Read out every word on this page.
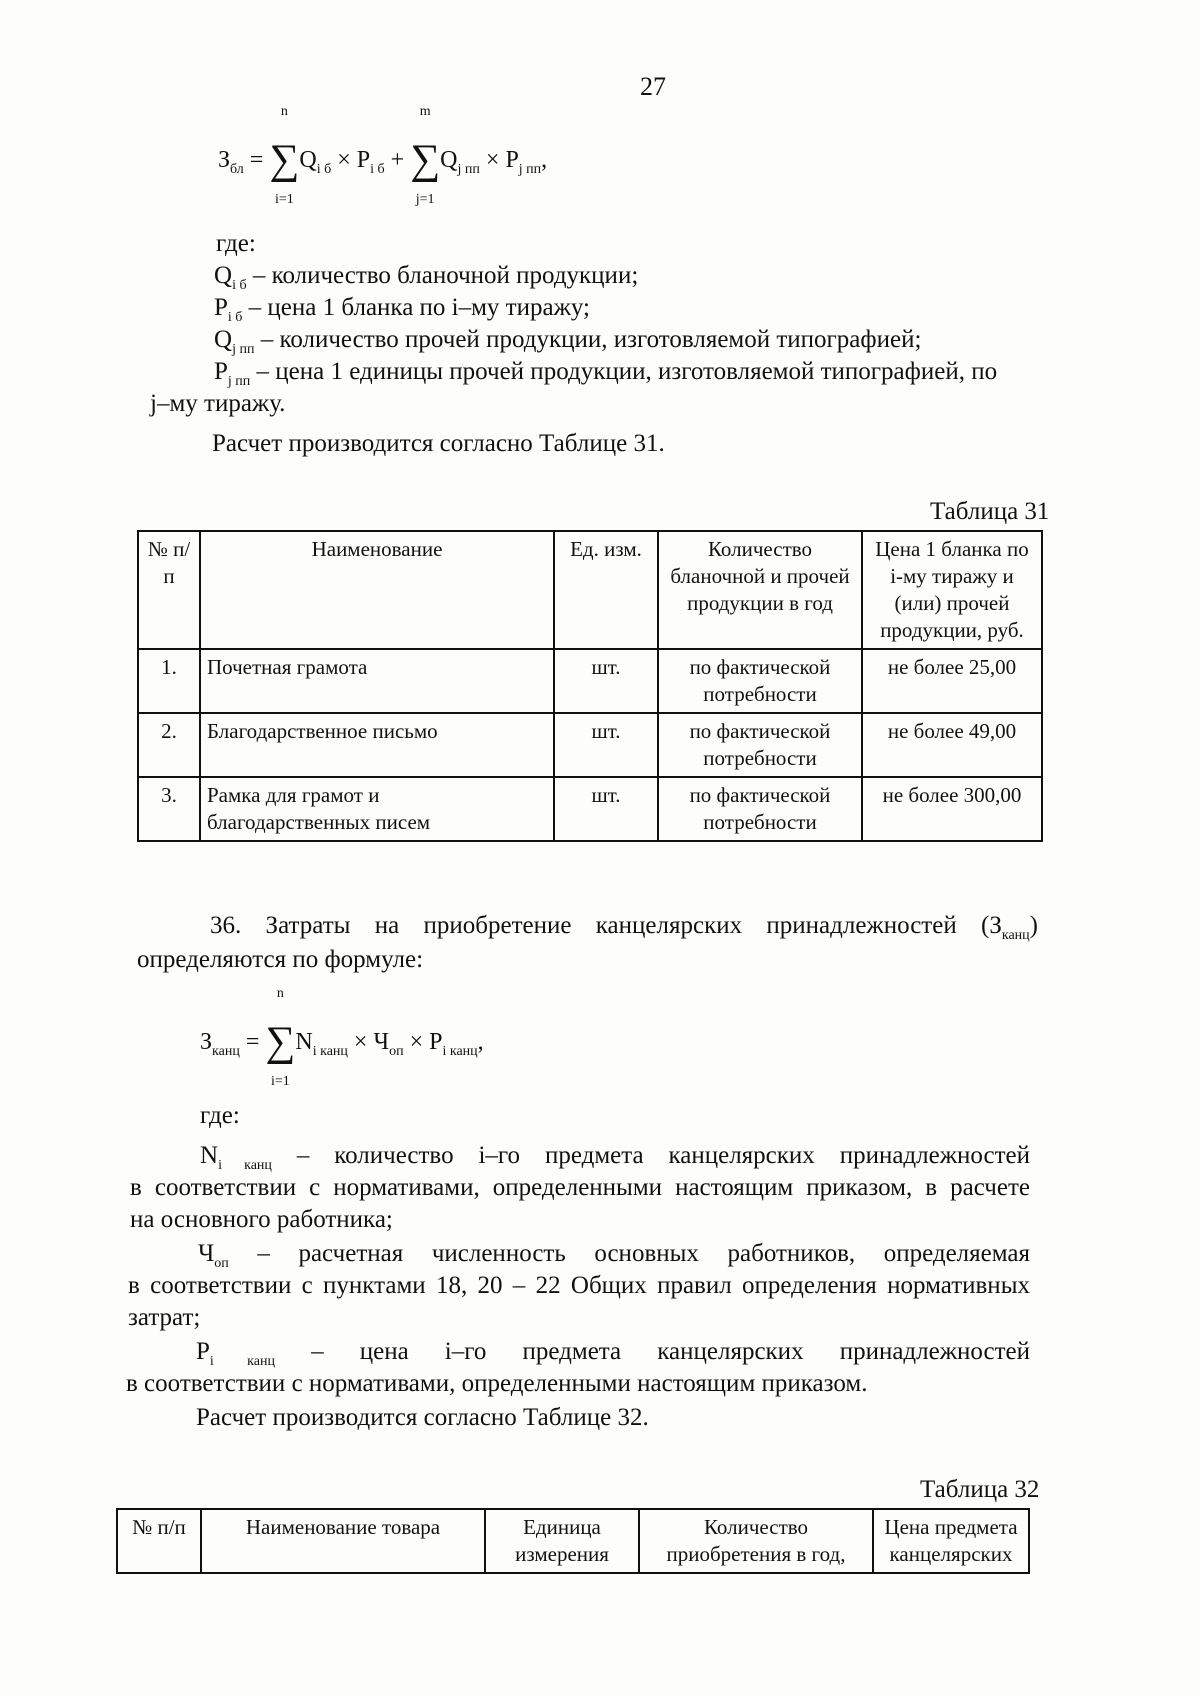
27
$З_{бл}$ =
n
∑
i=1
$Q_{i б} \times P_{i б}$ +
m
∑
j=1
$Q_{j пп} \times P_{j пп}$,
где:
$Q_{i б}$ – количество бланочной продукции;
$P_{i б}$ – цена 1 бланка по i–му тиражу;
$Q_{j пп}$ – количество прочей продукции, изготовляемой типографией;
$P_{j пп}$ – цена 1 единицы прочей продукции, изготовляемой типографией, по
j–му тиражу.
Расчет производится согласно Таблице 31.
Таблица 31
№ п/п	Наименование	Ед. изм.	Количество бланочной и прочей продукции в год	Цена 1 бланка по i-му тиражу и (или) прочей продукции, руб.
1.	Почетная грамота	шт.	по фактической потребности	не более 25,00
2.	Благодарственное письмо	шт.	по фактической потребности	не более 49,00
3.	Рамка для грамот и благодарственных писем	шт.	по фактической потребности	не более 300,00
36. Затраты на приобретение канцелярских принадлежностей $(З_{канц})$
определяются по формуле:
$З_{канц}$ =
n
∑
i=1
$N_{i канц} \times Ч_{оп} \times P_{i канц}$,
где:
$N_{i канц}$ – количество i–го предмета канцелярских принадлежностей
в соответствии с нормативами, определенными настоящим приказом, в расчете
на основного работника;
$Ч_{оп}$ – расчетная численность основных работников, определяемая
в соответствии с пунктами 18, 20 – 22 Общих правил определения нормативных
затрат;
$P_{i канц}$ – цена i–го предмета канцелярских принадлежностей
в соответствии с нормативами, определенными настоящим приказом.
Расчет производится согласно Таблице 32.
Таблица 32
№ п/п	Наименование товара	Единица измерения	Количество приобретения в год,	Цена предмета канцелярских
